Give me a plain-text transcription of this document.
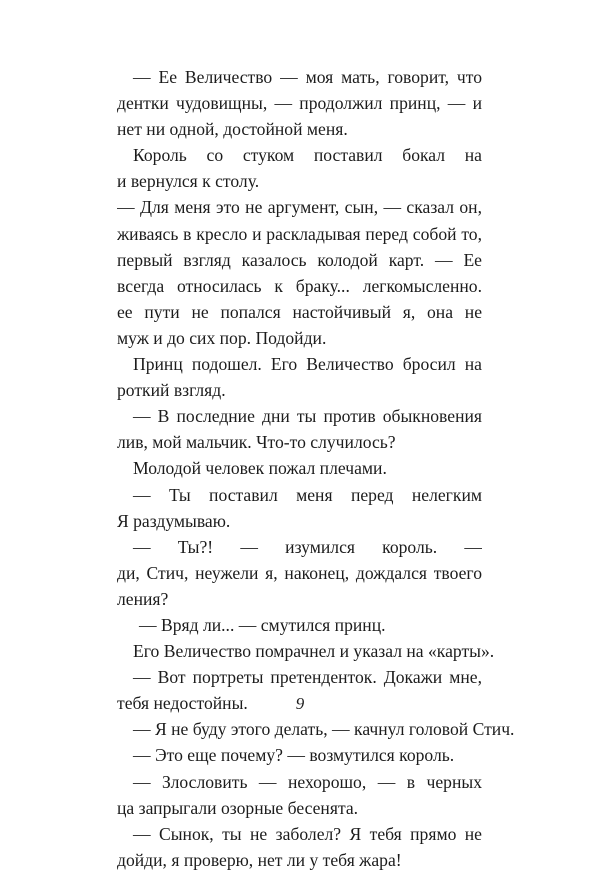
— Ее Величество — моя мать, говорит, что
дентки чудовищны, — продолжил принц, — и
нет ни одной, достойной меня.
Король со стуком поставил бокал на
и вернулся к столу.
— Для меня это не аргумент, сын, — сказал он,
живаясь в кресло и раскладывая перед собой то,
первый взгляд казалось колодой карт. — Ее
всегда относилась к браку... легкомысленно.
ее пути не попался настойчивый я, она не
муж и до сих пор. Подойди.
Принц подошел. Его Величество бросил на
роткий взгляд.
— В последние дни ты против обыкновения
лив, мой мальчик. Что-то случилось?
Молодой человек пожал плечами.
— Ты поставил меня перед нелегким
Я раздумываю.
— Ты?! — изумился король. —
ди, Стич, неужели я, наконец, дождался твоего
ления?
— Вряд ли... — смутился принц.
Его Величество помрачнел и указал на «карты».
— Вот портреты претенденток. Докажи мне,
тебя недостойны.
— Я не буду этого делать, — качнул головой Стич.
— Это еще почему? — возмутился король.
— Злословить — нехорошо, — в черных
ца запрыгали озорные бесенята.
— Сынок, ты не заболел? Я тебя прямо не
дойди, я проверю, нет ли у тебя жара!
9
